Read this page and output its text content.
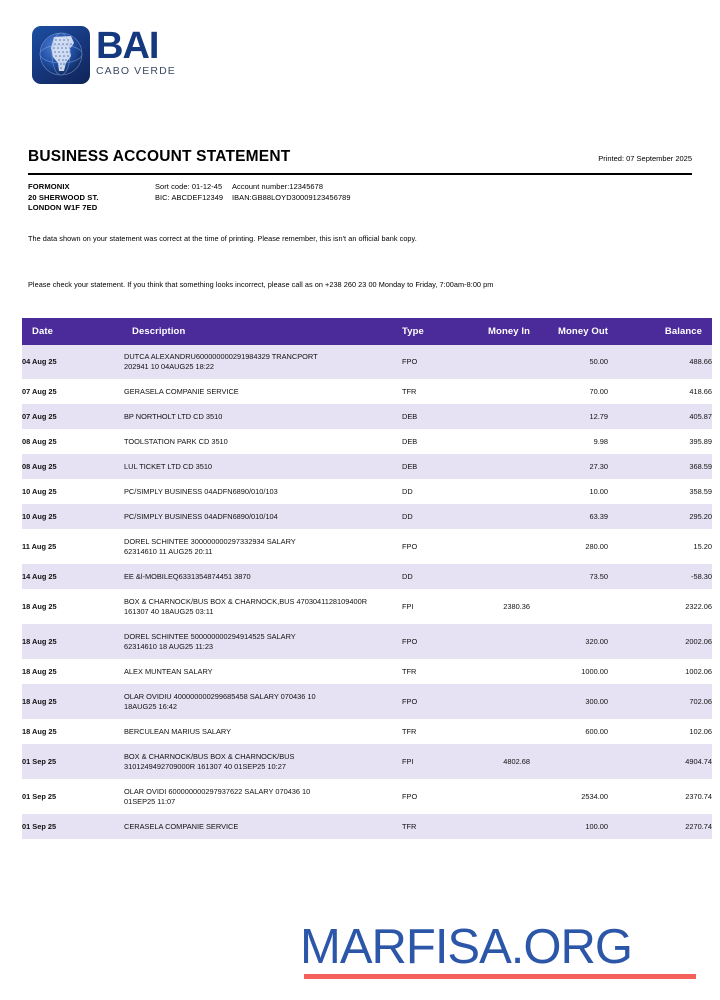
BAI
CABO VERDE
BUSINESS ACCOUNT STATEMENT	Printed: 07 September 2025
FORMONIX
20 SHERWOOD ST.
LONDON W1F 7ED
Sort code: 01-12-45	Account number:12345678
BIC: ABCDEF12349	IBAN:GB88LOYD30009123456789
The data shown on your statement was correct at the time of printing. Please remember, this isn't an official bank copy.
Please check your statement. If you think that something looks incorrect, please call as on +238 260 23 00 Monday to Friday, 7:00am-8:00 pm
Date	Description	Type	Money In	Money Out	Balance
04 Aug 25	DUTCA ALEXANDRU600000000291984329 TRANCPORT
202941 10 04AUG25 18:22	FPO		50.00	488.66
07 Aug 25	GERASELA COMPANIE SERVICE	TFR		70.00	418.66
07 Aug 25	BP NORTHOLT LTD CD 3510	DEB		12.79	405.87
08 Aug 25	TOOLSTATION PARK CD 3510	DEB		9.98	395.89
08 Aug 25	LUL TICKET LTD CD 3510	DEB		27.30	368.59
10 Aug 25	PC/SIMPLY BUSINESS 04ADFN6890/010/103	DD		10.00	358.59
10 Aug 25	PC/SIMPLY BUSINESS 04ADFN6890/010/104	DD		63.39	295.20
11 Aug 25	DOREL SCHINTEE 300000000297332934 SALARY
62314610 11 AUG25 20:11	FPO		280.00	15.20
14 Aug 25	EE &l-MOBILEQ6331354874451 3870	DD		73.50	-58.30
18 Aug 25	BOX & CHARNOCK/BUS BOX & CHARNOCK,BUS 4703041128109400R
161307 40 18AUG25 03:11	FPI	2380.36		2322.06
18 Aug 25	DOREL SCHINTEE 500000000294914525 SALARY
62314610 18 AUG25 11:23	FPO		320.00	2002.06
18 Aug 25	ALEX MUNTEAN SALARY	TFR		1000.00	1002.06
18 Aug 25	OLAR OVIDIU 400000000299685458 SALARY 070436 10
18AUG25 16:42	FPO		300.00	702.06
18 Aug 25	BERCULEAN MARIUS SALARY	TFR		600.00	102.06
01 Sep 25	BOX & CHARNOCK/BUS BOX & CHARNOCK/BUS
3101249492709000R 161307 40 01SEP25 10:27	FPI	4802.68		4904.74
01 Sep 25	OLAR OVIDI 600000000297937622 SALARY 070436 10
01SEP25 11:07	FPO		2534.00	2370.74
01 Sep 25	CERASELA COMPANIE SERVICE	TFR		100.00	2270.74
MARFISA.ORG
